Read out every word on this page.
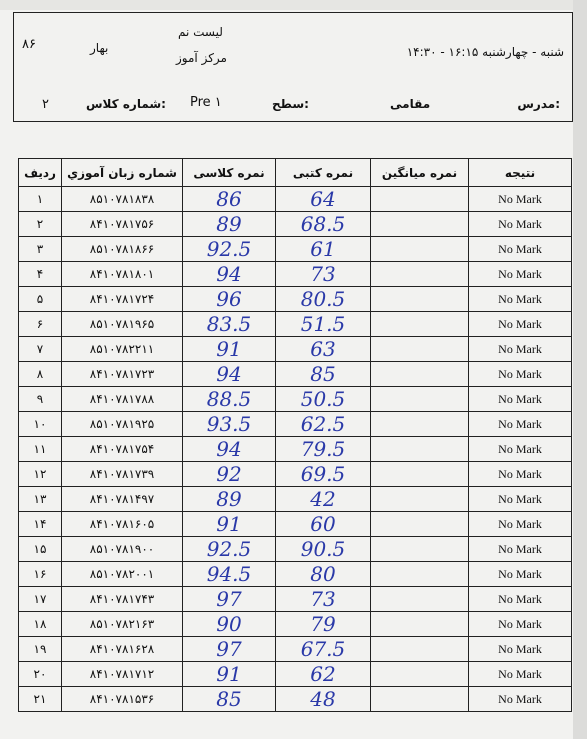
۸۶	بهار
لیست نم
مرکز آموز	شنبه - چهارشنبه ۱۶:۱۵ - ۱۴:۳۰
۲	شماره کلاس: Pre ۱	سطح:	مقامی	مدرس:
ردیف	شماره زبان آموزي	نمره کلاسی	نمره کتبی	نمره میانگین	نتیجه
۱	۸۵۱۰۷۸۱۸۳۸	86	64		No Mark
۲	۸۴۱۰۷۸۱۷۵۶	89	68.5		No Mark
۳	۸۵۱۰۷۸۱۸۶۶	92.5	61		No Mark
۴	۸۴۱۰۷۸۱۸۰۱	94	73		No Mark
۵	۸۴۱۰۷۸۱۷۲۴	96	80.5		No Mark
۶	۸۵۱۰۷۸۱۹۶۵	83.5	51.5		No Mark
۷	۸۵۱۰۷۸۲۲۱۱	91	63		No Mark
۸	۸۴۱۰۷۸۱۷۲۳	94	85		No Mark
۹	۸۴۱۰۷۸۱۷۸۸	88.5	50.5		No Mark
۱۰	۸۵۱۰۷۸۱۹۲۵	93.5	62.5		No Mark
۱۱	۸۴۱۰۷۸۱۷۵۴	94	79.5		No Mark
۱۲	۸۴۱۰۷۸۱۷۳۹	92	69.5		No Mark
۱۳	۸۴۱۰۷۸۱۴۹۷	89	42		No Mark
۱۴	۸۴۱۰۷۸۱۶۰۵	91	60		No Mark
۱۵	۸۵۱۰۷۸۱۹۰۰	92.5	90.5		No Mark
۱۶	۸۵۱۰۷۸۲۰۰۱	94.5	80		No Mark
۱۷	۸۴۱۰۷۸۱۷۴۳	97	73		No Mark
۱۸	۸۵۱۰۷۸۲۱۶۳	90	79		No Mark
۱۹	۸۴۱۰۷۸۱۶۲۸	97	67.5		No Mark
۲۰	۸۴۱۰۷۸۱۷۱۲	91	62		No Mark
۲۱	۸۴۱۰۷۸۱۵۳۶	85	48		No Mark
